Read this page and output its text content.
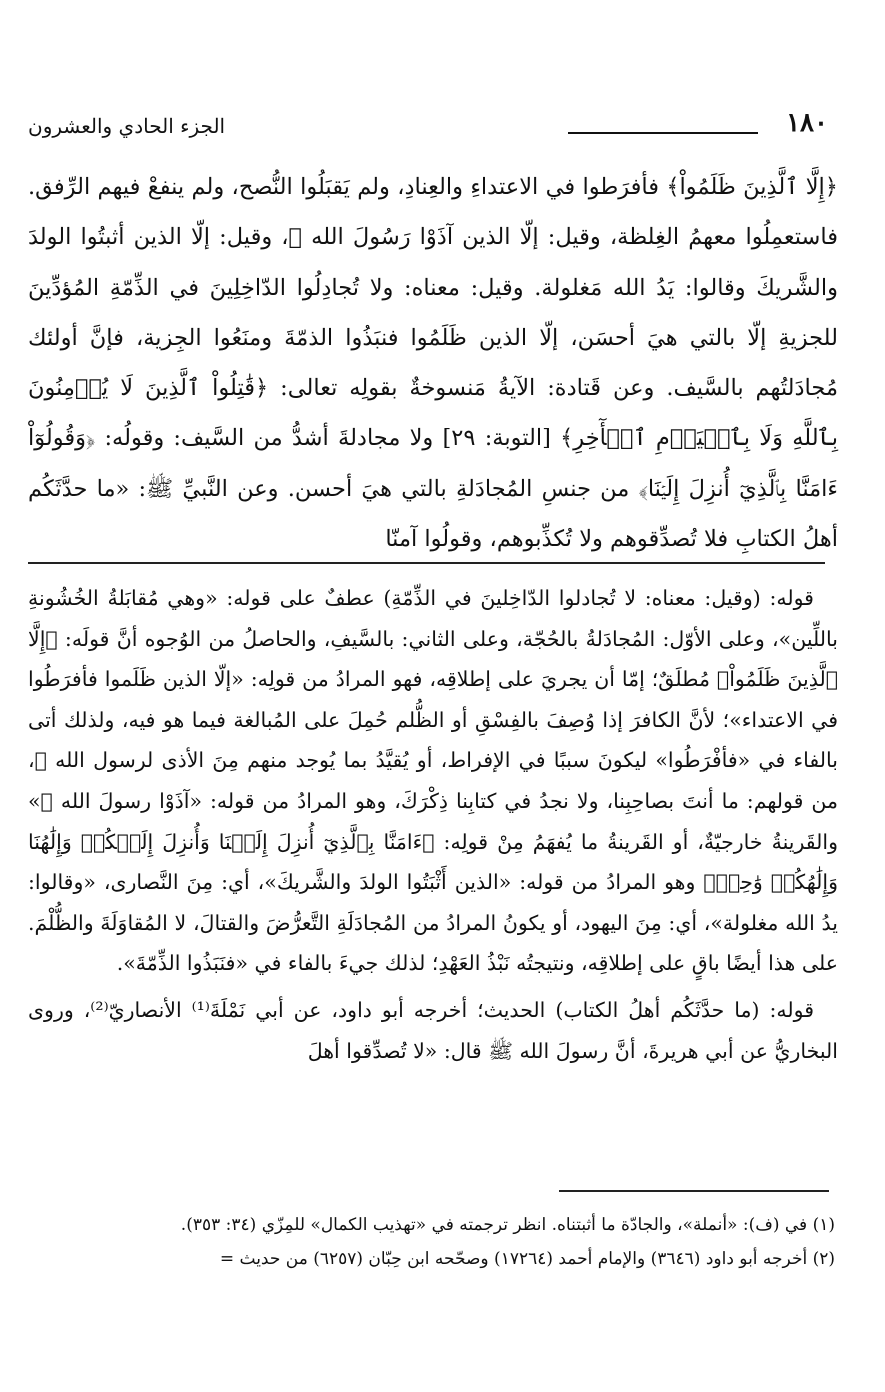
١٨٠
الجزء الحادي والعشرون

﴿إِلَّا ٱلَّذِينَ ظَلَمُواْ﴾ فأفرَطوا في الاعتداءِ والعِنادِ، ولم يَقبَلُوا النُّصح، ولم ينفعْ فيهم الرِّفق. فاستعمِلُوا معهمُ الغِلظة، وقيل: إلّا الذين آذَوْا رَسُولَ الله ﷺ، وقيل: إلّا الذين أثبتُوا الولدَ والشَّريكَ وقالوا: يَدُ الله مَغلولة. وقيل: معناه: ولا تُجادِلُوا الدّاخِلِينَ في الذِّمّةِ المُؤدِّينَ للجزيةِ إلّا بالتي هيَ أحسَن، إلّا الذين ظَلَمُوا فنبَذُوا الذمّةَ ومنَعُوا الجِزية، فإنَّ أولئك مُجادَلتُهم بالسَّيف. وعن قَتادة: الآيةُ مَنسوخةٌ بقولِه تعالى: ﴿قَٰتِلُواْ ٱلَّذِينَ لَا يُؤۡمِنُونَ بِٱللَّهِ وَلَا بِٱلۡيَوۡمِ ٱلۡأٓخِرِ﴾ [التوبة: ٢٩] ولا مجادلةَ أشدُّ من السَّيف: وقولُه: ﴿وَقُولُوٓاْ ءَامَنَّا بِٱلَّذِيٓ أُنزِلَ إِلَيۡنَا﴾ من جنسِ المُجادَلةِ بالتي هيَ أحسن. وعن النَّبيِّ ﷺ: «ما حدَّثَكُم أهلُ الكتابِ فلا تُصدِّقوهم ولا تُكذِّبوهم، وقولُوا آمنّا

قوله: (وقيل: معناه: لا تُجادلوا الدّاخِلينَ في الذِّمّةِ) عطفٌ على قوله: «وهي مُقابَلةُ الخُشُونةِ باللِّين»، وعلى الأوّل: المُجادَلةُ بالحُجّة، وعلى الثاني: بالسَّيفِ، والحاصلُ من الوُجوه أنَّ قولَه: ﴿إِلَّا ٱلَّذِينَ ظَلَمُواْ﴾ مُطلَقٌ؛ إمّا أن يجريَ على إطلاقِه، فهو المرادُ من قولِه: «إلّا الذين ظَلَموا فأفرَطُوا في الاعتداء»؛ لأنَّ الكافرَ إذا وُصِفَ بالفِسْقِ أو الظُّلم حُمِلَ على المُبالغة فيما هو فيه، ولذلك أتى بالفاء في «فأفْرَطُوا» ليكونَ سببًا في الإفراط، أو يُقيَّدُ بما يُوجد منهم مِنَ الأذى لرسول الله ﷺ، من قولهم: ما أنتَ بصاحِبِنا، ولا نجدُ في كتابِنا ذِكْرَكَ، وهو المرادُ من قوله: «آذَوْا رسولَ الله ﷺ» والقَرينةُ خارجيّةٌ، أو القَرينةُ ما يُفهَمُ مِنْ قولِه: ﴿ءَامَنَّا بِٱلَّذِيٓ أُنزِلَ إِلَيۡنَا وَأُنزِلَ إِلَيۡكُمۡ وَإِلَٰهُنَا وَإِلَٰهُكُمۡ وَٰحِدٞ﴾ وهو المرادُ من قوله: «الذين أَثْبَتُوا الولدَ والشَّريكَ»، أي: مِنَ النَّصارى، «وقالوا: يدُ الله مغلولة»، أي: مِنَ اليهود، أو يكونُ المرادُ من المُجادَلَةِ التَّعرُّضَ والقتالَ، لا المُقاوَلَةَ والظُّلْمَ. على هذا أيضًا باقٍ على إطلاقِه، ونتيجتُه نَبْذُ العَهْدِ؛ لذلك جيءَ بالفاء في «فنَبَذُوا الذِّمّةَ».

قوله: (ما حدَّثَكُم أهلُ الكتاب) الحديث؛ أخرجه أبو داود، عن أبي نَمْلَةَ⁽¹⁾ الأنصاريّ⁽²⁾، وروى البخاريُّ عن أبي هريرةَ، أنَّ رسولَ الله ﷺ قال: «لا تُصدِّقوا أهلَ

(١) في (ف): «أنملة»، والجادّة ما أثبتناه. انظر ترجمته في «تهذيب الكمال» للمِزّي (٣٤: ٣٥٣).
(٢) أخرجه أبو داود (٣٦٤٦) والإمام أحمد (١٧٢٦٤) وصحّحه ابن حِبّان (٦٢٥٧) من حديث =
